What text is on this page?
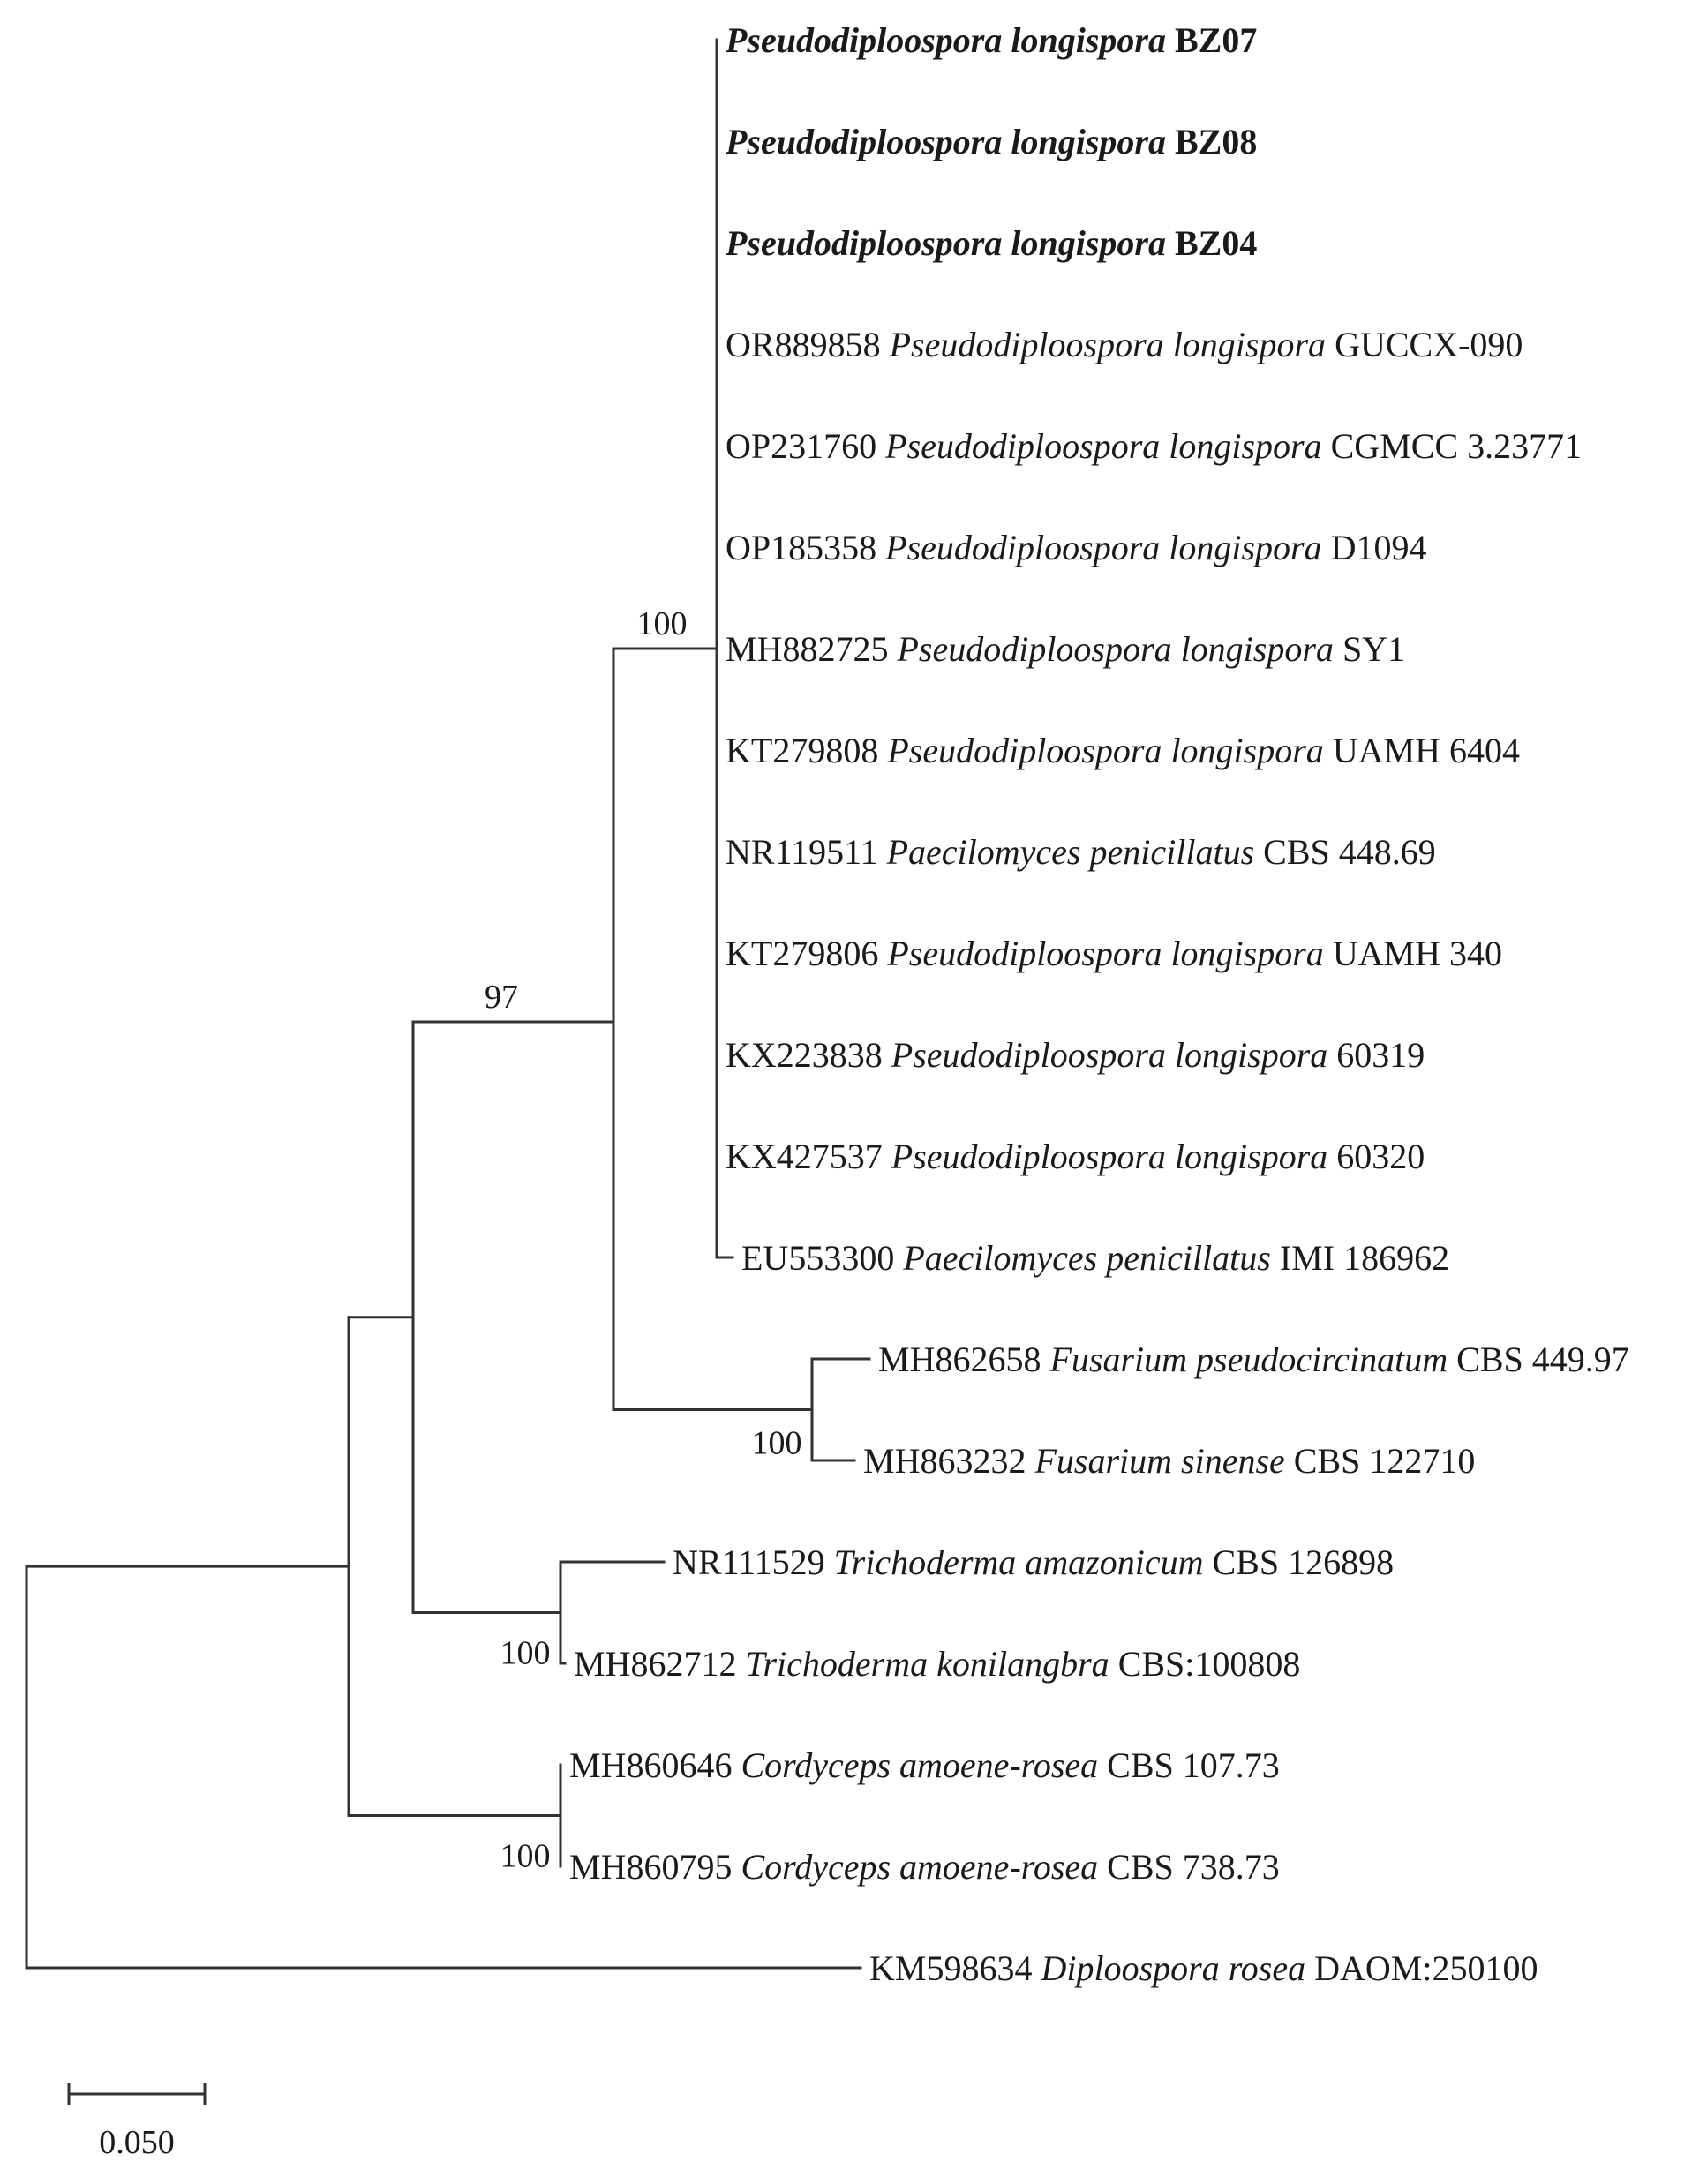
Pseudodiploospora longispora BZ07
Pseudodiploospora longispora BZ08
Pseudodiploospora longispora BZ04
OR889858 Pseudodiploospora longispora GUCCX-090
OP231760 Pseudodiploospora longispora CGMCC 3.23771
OP185358 Pseudodiploospora longispora D1094
MH882725 Pseudodiploospora longispora SY1
KT279808 Pseudodiploospora longispora UAMH 6404
NR119511 Paecilomyces penicillatus CBS 448.69
KT279806 Pseudodiploospora longispora UAMH 340
KX223838 Pseudodiploospora longispora 60319
KX427537 Pseudodiploospora longispora 60320
EU553300 Paecilomyces penicillatus IMI 186962
MH862658 Fusarium pseudocircinatum CBS 449.97
MH863232 Fusarium sinense CBS 122710
NR111529 Trichoderma amazonicum CBS 126898
MH862712 Trichoderma konilangbra CBS:100808
MH860646 Cordyceps amoene-rosea CBS 107.73
MH860795 Cordyceps amoene-rosea CBS 738.73
KM598634 Diploospora rosea DAOM:250100
100
97
100
100
100
0.050
